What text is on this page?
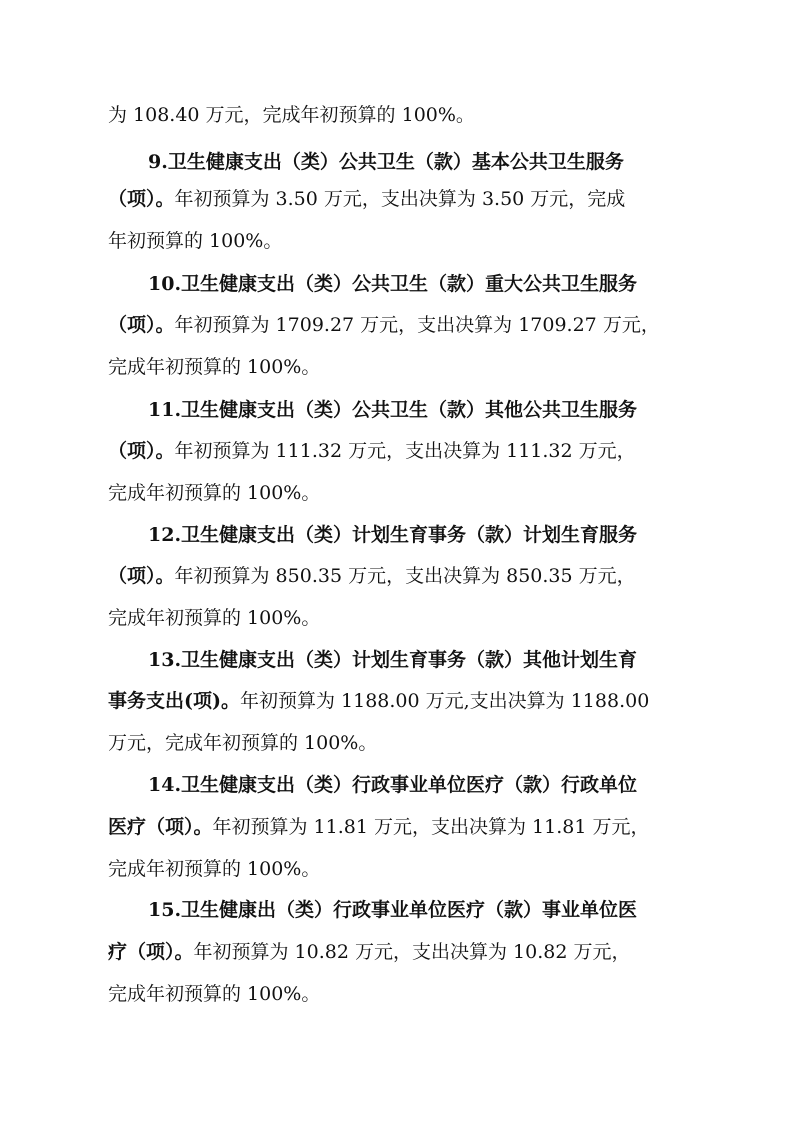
为 108.40 万元，完成年初预算的 100%。
9.卫生健康支出（类）公共卫生（款）基本公共卫生服务
（项）。年初预算为 3.50 万元，支出决算为 3.50 万元，完成
年初预算的 100%。
10.卫生健康支出（类）公共卫生（款）重大公共卫生服务
（项）。年初预算为 1709.27 万元，支出决算为 1709.27 万元，
完成年初预算的 100%。
11.卫生健康支出（类）公共卫生（款）其他公共卫生服务
（项）。年初预算为 111.32 万元，支出决算为 111.32 万元，
完成年初预算的 100%。
12.卫生健康支出（类）计划生育事务（款）计划生育服务
（项）。年初预算为 850.35 万元，支出决算为 850.35 万元，
完成年初预算的 100%。
13.卫生健康支出（类）计划生育事务（款）其他计划生育
事务支出(项)。年初预算为 1188.00 万元,支出决算为 1188.00
万元，完成年初预算的 100%。
14.卫生健康支出（类）行政事业单位医疗（款）行政单位
医疗（项）。年初预算为 11.81 万元，支出决算为 11.81 万元，
完成年初预算的 100%。
15.卫生健康出（类）行政事业单位医疗（款）事业单位医
疗（项）。年初预算为 10.82 万元，支出决算为 10.82 万元，
完成年初预算的 100%。
